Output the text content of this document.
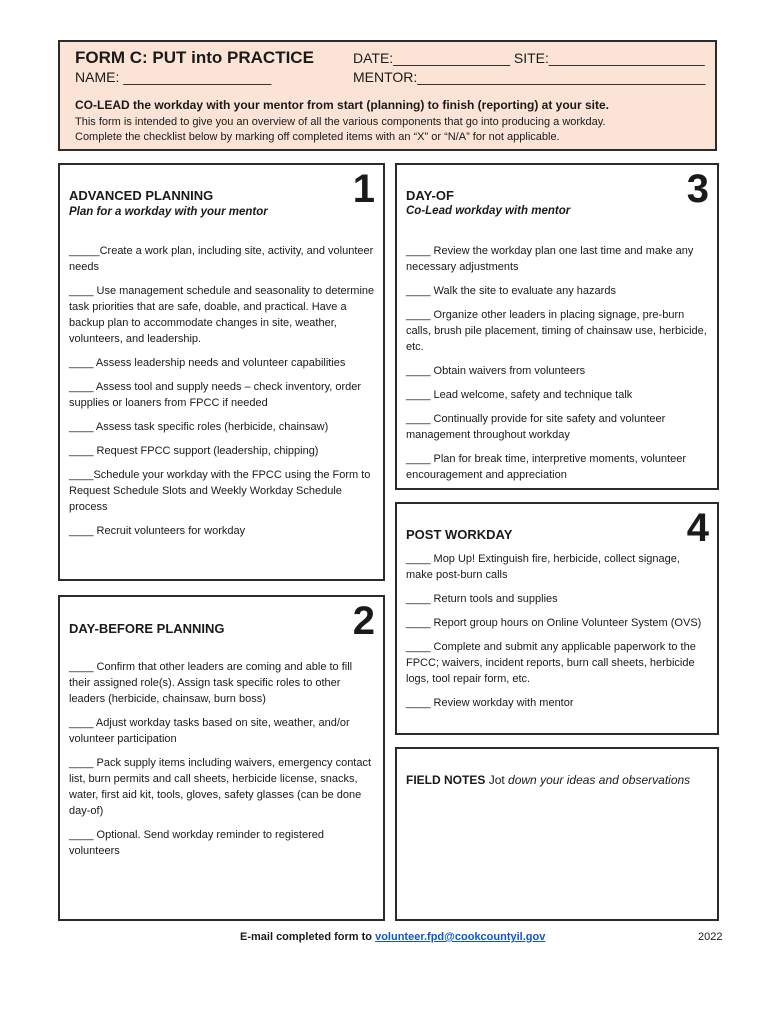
FORM C: PUT into PRACTICE
NAME: ___________________
DATE:_______________ SITE:____________________
MENTOR:_____________________________________
CO-LEAD the workday with your mentor from start (planning) to finish (reporting) at your site.
This form is intended to give you an overview of all the various components that go into producing a workday.
Complete the checklist below by marking off completed items with an “X” or “N/A” for not applicable.
1
ADVANCED PLANNING
Plan for a workday with your mentor
_____Create a work plan, including site, activity, and volunteer needs
____ Use management schedule and seasonality to determine task priorities that are safe, doable, and practical. Have a backup plan to accommodate changes in site, weather, volunteers, and leadership.
____ Assess leadership needs and volunteer capabilities
____ Assess tool and supply needs – check inventory, order supplies or loaners from FPCC if needed
____ Assess task specific roles (herbicide, chainsaw)
____ Request FPCC support (leadership, chipping)
____Schedule your workday with the FPCC using the Form to Request Schedule Slots and Weekly Workday Schedule process
____ Recruit volunteers for workday
3
DAY-OF
Co-Lead workday with mentor
____ Review the workday plan one last time and make any necessary adjustments
____ Walk the site to evaluate any hazards
____ Organize other leaders in placing signage, pre-burn calls, brush pile placement, timing of chainsaw use, herbicide, etc.
____ Obtain waivers from volunteers
____ Lead welcome, safety and technique talk
____ Continually provide for site safety and volunteer management throughout workday
____ Plan for break time, interpretive moments, volunteer encouragement and appreciation
4
POST WORKDAY
____ Mop Up! Extinguish fire, herbicide, collect signage, make post-burn calls
____ Return tools and supplies
____ Report group hours on Online Volunteer System (OVS)
____ Complete and submit any applicable paperwork to the FPCC; waivers, incident reports, burn call sheets, herbicide logs, tool repair form, etc.
____ Review workday with mentor
2
DAY-BEFORE PLANNING
____ Confirm that other leaders are coming and able to fill their assigned role(s). Assign task specific roles to other leaders (herbicide, chainsaw, burn boss)
____ Adjust workday tasks based on site, weather, and/or volunteer participation
____ Pack supply items including waivers, emergency contact list, burn permits and call sheets, herbicide license, snacks, water, first aid kit, tools, gloves, safety glasses (can be done day-of)
____ Optional. Send workday reminder to registered volunteers
FIELD NOTES Jot down your ideas and observations
E-mail completed form to volunteer.fpd@cookcountyil.gov	2022
